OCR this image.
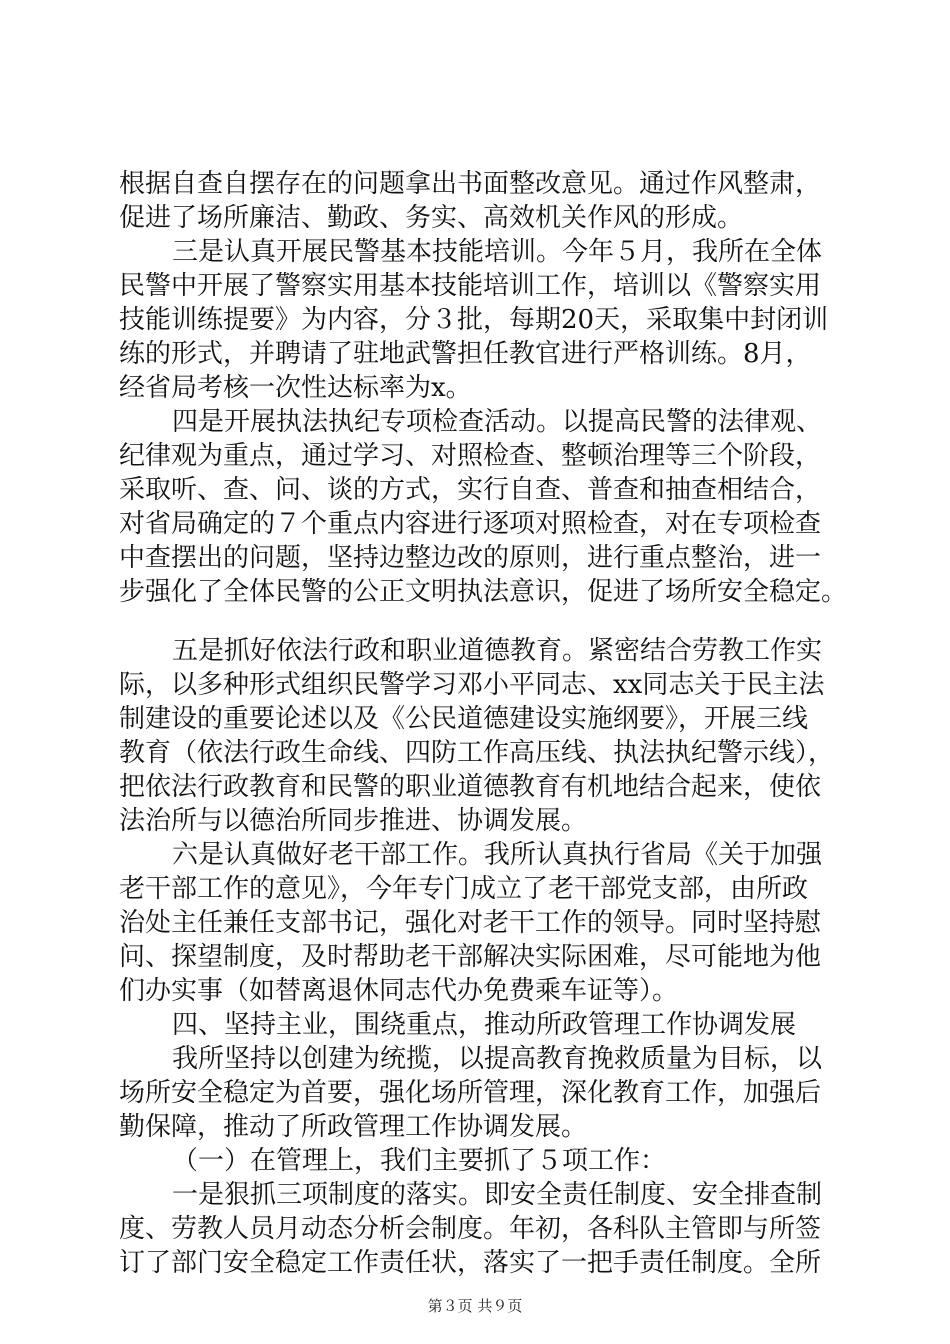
根据自查自摆存在的问题拿出书面整改意见。通过作风整肃，
促进了场所廉洁、勤政、务实、高效机关作风的形成。
三是认真开展民警基本技能培训。今年５月，我所在全体
民警中开展了警察实用基本技能培训工作，培训以《警察实用
技能训练提要》为内容，分３批，每期20天，采取集中封闭训
练的形式，并聘请了驻地武警担任教官进行严格训练。8月，
经省局考核一次性达标率为x。
四是开展执法执纪专项检查活动。以提高民警的法律观、
纪律观为重点，通过学习、对照检查、整顿治理等三个阶段，
采取听、查、问、谈的方式，实行自查、普查和抽查相结合，
对省局确定的７个重点内容进行逐项对照检查，对在专项检查
中查摆出的问题，坚持边整边改的原则，进行重点整治，进一
步强化了全体民警的公正文明执法意识，促进了场所安全稳定。
五是抓好依法行政和职业道德教育。紧密结合劳教工作实
际，以多种形式组织民警学习邓小平同志、xx同志关于民主法
制建设的重要论述以及《公民道德建设实施纲要》，开展三线
教育（依法行政生命线、四防工作高压线、执法执纪警示线），
把依法行政教育和民警的职业道德教育有机地结合起来，使依
法治所与以德治所同步推进、协调发展。
六是认真做好老干部工作。我所认真执行省局《关于加强
老干部工作的意见》，今年专门成立了老干部党支部，由所政
治处主任兼任支部书记，强化对老干工作的领导。同时坚持慰
问、探望制度，及时帮助老干部解决实际困难，尽可能地为他
们办实事（如替离退休同志代办免费乘车证等）。
四、坚持主业，围绕重点，推动所政管理工作协调发展
我所坚持以创建为统揽，以提高教育挽救质量为目标，以
场所安全稳定为首要，强化场所管理，深化教育工作，加强后
勤保障，推动了所政管理工作协调发展。
（一）在管理上，我们主要抓了５项工作：
一是狠抓三项制度的落实。即安全责任制度、安全排查制
度、劳教人员月动态分析会制度。年初，各科队主管即与所签
订了部门安全稳定工作责任状，落实了一把手责任制度。全所
第３页 共９页
